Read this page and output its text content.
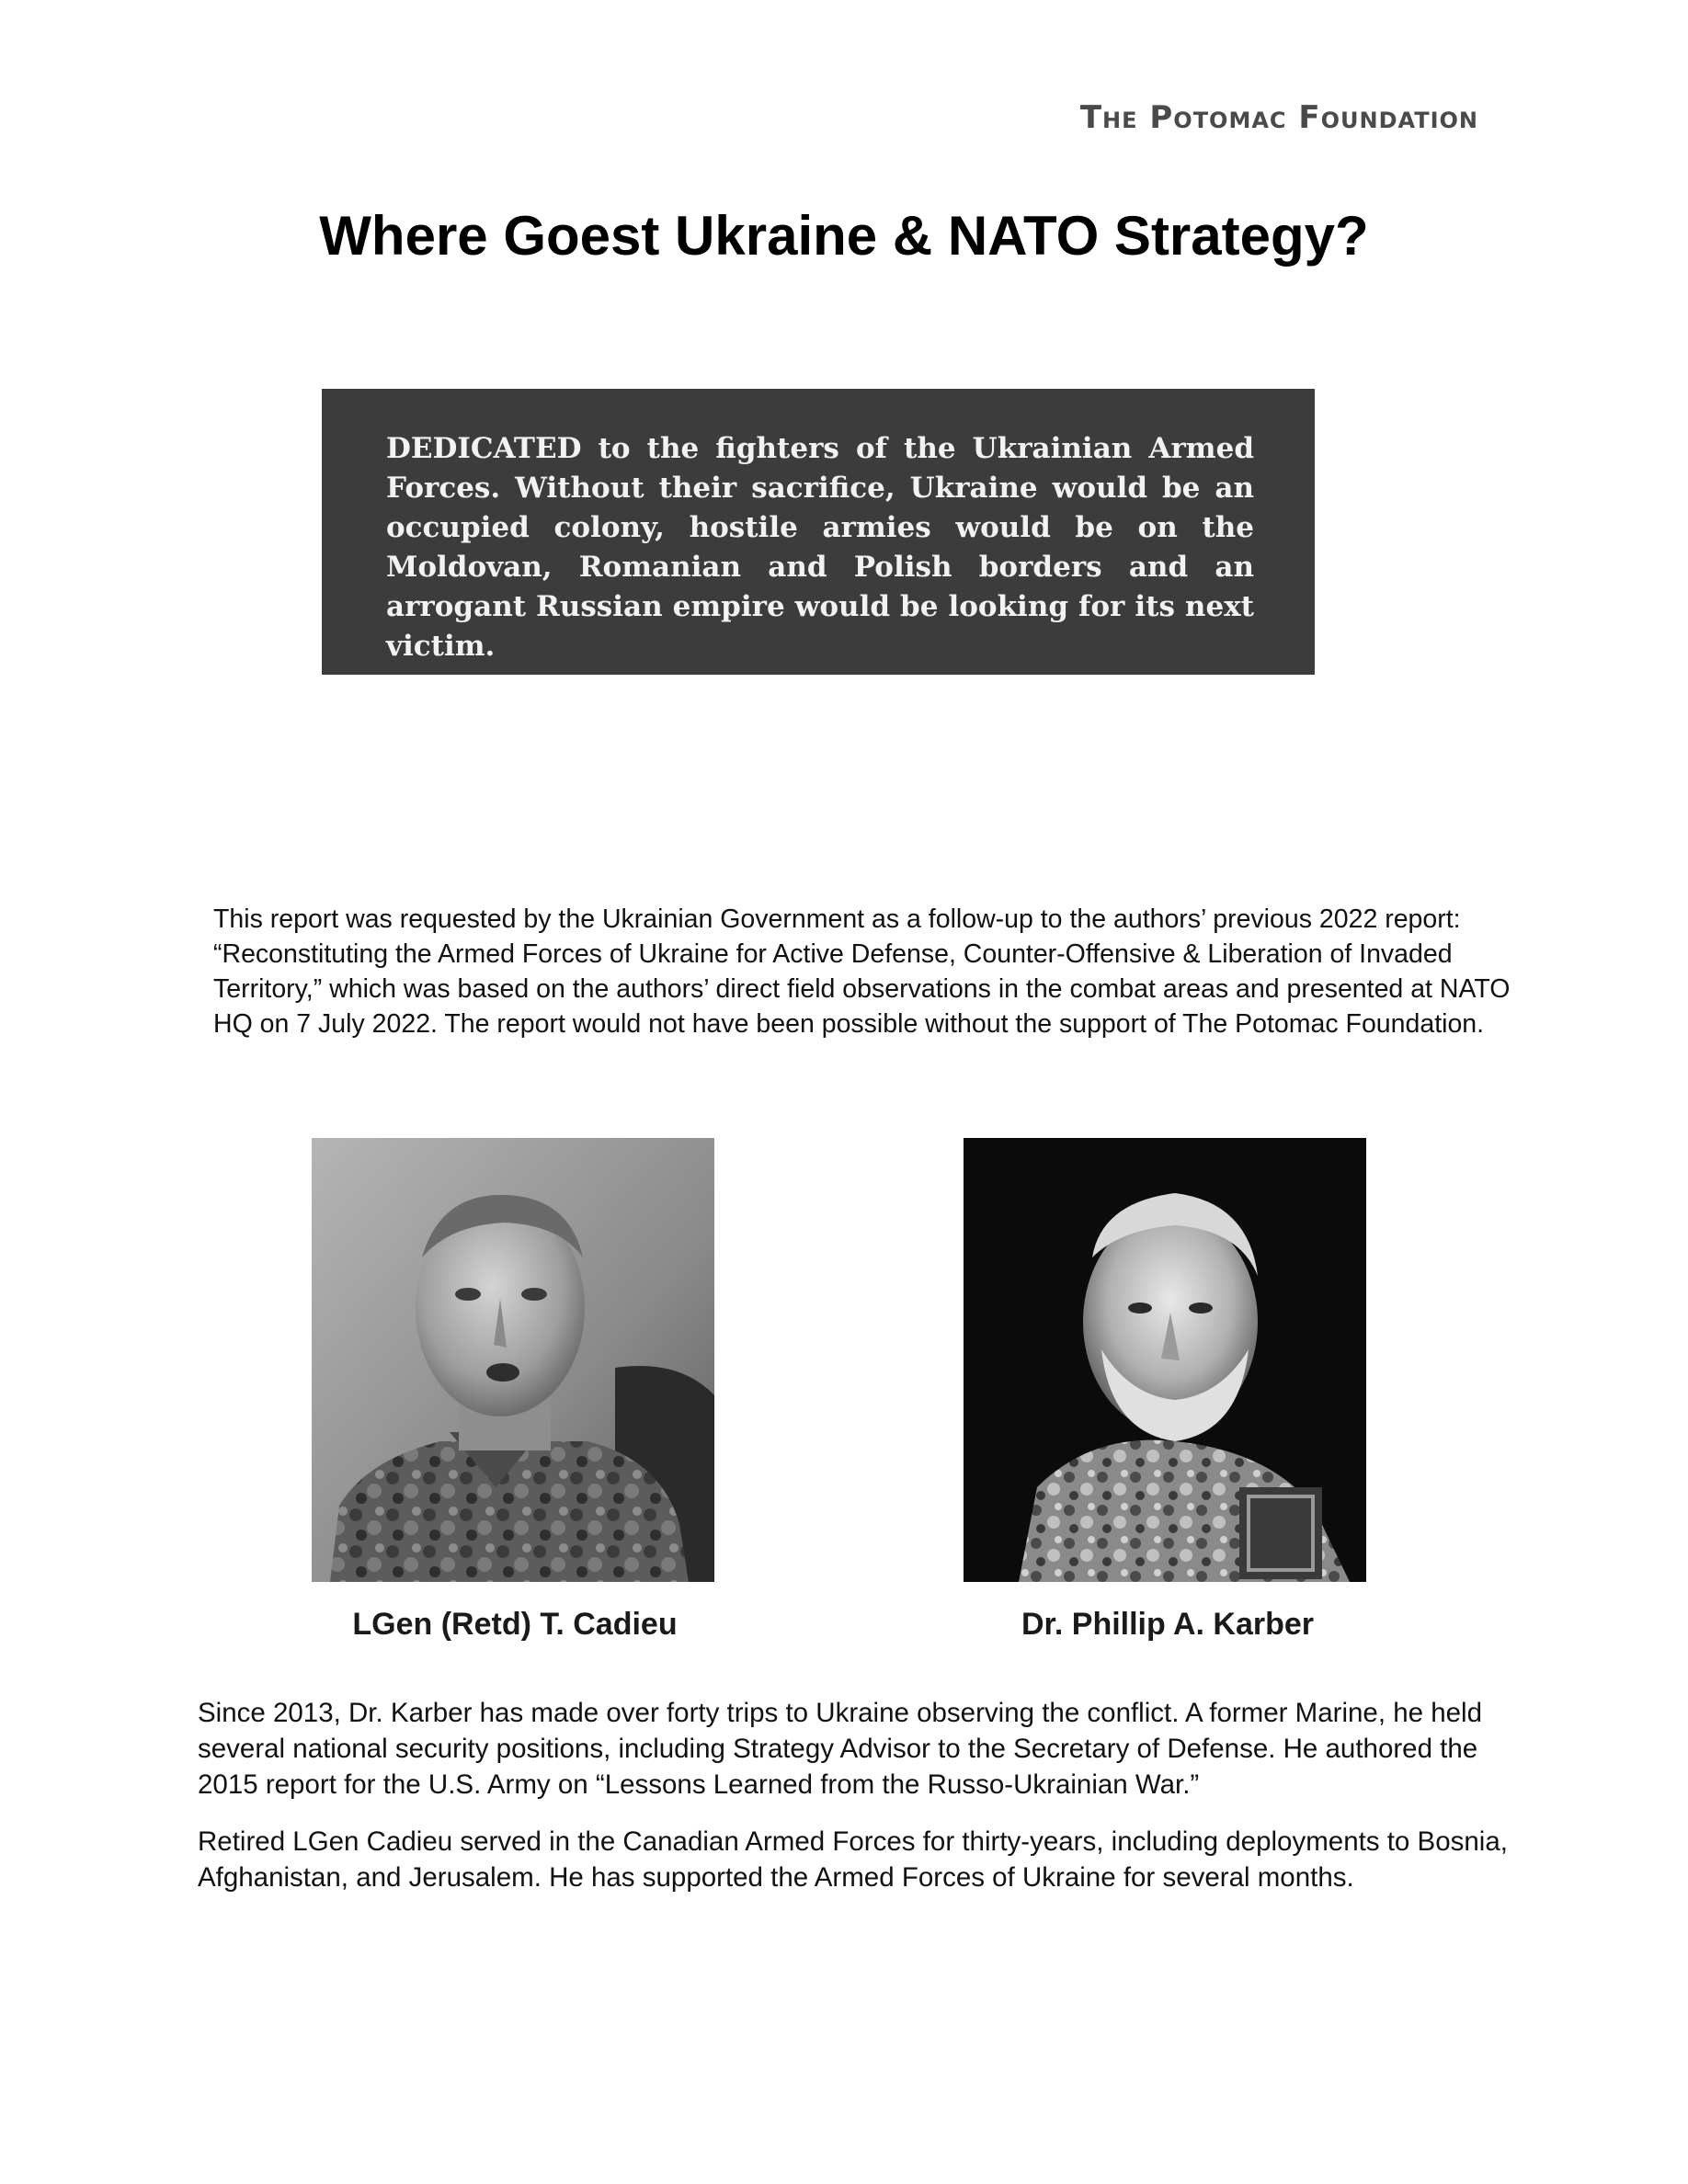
The Potomac Foundation
Where Goest Ukraine & NATO Strategy?

DEDICATED to the fighters of the Ukrainian Armed Forces. Without their sacrifice, Ukraine would be an occupied colony, hostile armies would be on the Moldovan, Romanian and Polish borders and an arrogant Russian empire would be looking for its next victim.

This report was requested by the Ukrainian Government as a follow-up to the authors’ previous 2022 report: “Reconstituting the Armed Forces of Ukraine for Active Defense, Counter-Offensive & Liberation of Invaded Territory,” which was based on the authors’ direct field observations in the combat areas and presented at NATO HQ on 7 July 2022. The report would not have been possible without the support of The Potomac Foundation.

LGen (Retd) T. Cadieu	Dr. Phillip A. Karber

Since 2013, Dr. Karber has made over forty trips to Ukraine observing the conflict. A former Marine, he held several national security positions, including Strategy Advisor to the Secretary of Defense. He authored the 2015 report for the U.S. Army on “Lessons Learned from the Russo-Ukrainian War.”

Retired LGen Cadieu served in the Canadian Armed Forces for thirty-years, including deployments to Bosnia, Afghanistan, and Jerusalem. He has supported the Armed Forces of Ukraine for several months.
